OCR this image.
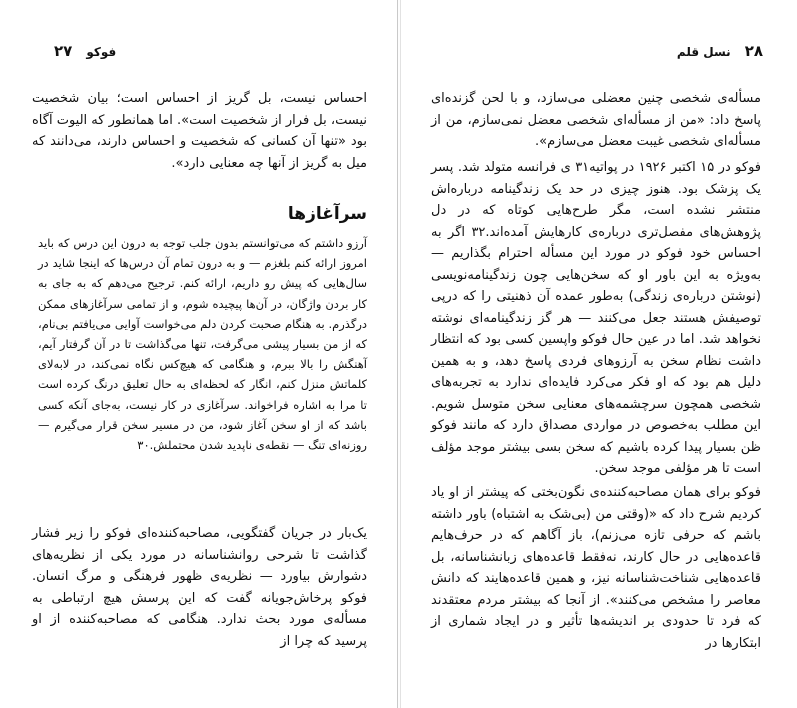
فوکو
۲۷
احساس نیست، بل گریز از احساس است؛ بیان شخصیت نیست، بل فرار از شخصیت است». اما همانطور که الیوت آگاه بود «تنها آن کسانی که شخصیت و احساس دارند، می‌دانند که میل به گریز از آنها چه معنایی دارد».
سرآغازها
آرزو داشتم که می‌توانستم بدون جلب توجه به درون این درس که باید امروز ارائه کنم بلغزم — و به درون تمام آن درس‌ها که اینجا شاید در سال‌هایی که پیش رو داریم، ارائه کنم. ترجیح می‌دهم که به جای به کار بردن واژگان، در آن‌ها پیچیده شوم، و از تمامی سرآغازهای ممکن درگذرم. به هنگام صحبت کردن دلم می‌خواست آوایی می‌یافتم بی‌نام، که از من بسیار پیشی می‌گرفت، تنها می‌گذاشت تا در آن گرفتار آیم، آهنگش را بالا ببرم، و هنگامی که هیچ‌کس نگاه نمی‌کند، در لابه‌لای کلماتش منزل کنم، انگار که لحظه‌ای به حال تعلیق درنگ کرده است تا مرا به اشاره فراخواند. سرآغازی در کار نیست، به‌جای آنکه کسی باشد که از او سخن آغاز شود، من در مسیر سخن قرار می‌گیرم — روزنه‌ای تنگ — نقطه‌ی ناپدید شدن محتملش.۳۰
یک‌بار در جریان گفتگویی، مصاحبه‌کننده‌ای فوکو را زیر فشار گذاشت تا شرحی روانشناسانه در مورد یکی از نظریه‌های دشوارش بیاورد — نظریه‌ی ظهور فرهنگی و مرگ انسان. فوکو پرخاش‌جویانه گفت که این پرسش هیچ ارتباطی به مسأله‌ی مورد بحث ندارد. هنگامی که مصاحبه‌کننده از او پرسید که چرا از
۲۸
نسل قلم
مسأله‌ی شخصی چنین معضلی می‌سازد، و با لحن گزنده‌ای پاسخ داد: «من از مسأله‌ای شخصی معضل نمی‌سازم، من از مسأله‌ای شخصی غیبت معضل می‌سازم».
فوکو در ۱۵ اکتبر ۱۹۲۶ در پواتیه۳۱ ی فرانسه متولد شد. پسر یک پزشک بود. هنوز چیزی در حد یک زندگینامه درباره‌اش منتشر نشده است، مگر طرح‌هایی کوتاه که در دل پژوهش‌های مفصل‌تری درباره‌ی کارهایش آمده‌اند.۳۲ اگر به احساس خود فوکو در مورد این مسأله احترام بگذاریم — به‌ویژه به این باور او که سخن‌هایی چون زندگینامه‌نویسی (نوشتن درباره‌ی زندگی) به‌طور عمده آن ذهنیتی را که درپی توصیفش هستند جعل می‌کنند — هر گز زندگینامه‌ای نوشته نخواهد شد. اما در عین حال فوکو واپسین کسی بود که انتظار داشت نظام سخن به آرزوهای فردی پاسخ دهد، و به همین دلیل هم بود که او فکر می‌کرد فایده‌ای ندارد به تجربه‌های شخصی همچون سرچشمه‌های معنایی سخن متوسل شویم. این مطلب به‌خصوص در مواردی مصداق دارد که مانند فوکو ظن بسیار پیدا کرده باشیم که سخن بسی بیشتر موجد مؤلف است تا هر مؤلفی موجد سخن.
فوکو برای همان مصاحبه‌کننده‌ی نگون‌بختی که پیشتر از او یاد کردیم شرح داد که «(وقتی من (بی‌شک به اشتباه) باور داشته باشم که حرفی تازه می‌زنم)، باز آگاهم که در حرف‌هایم قاعده‌هایی در حال کارند، نه‌فقط قاعده‌های زبانشناسانه، بل قاعده‌هایی شناخت‌شناسانه نیز، و همین قاعده‌هایند که دانش معاصر را مشخص می‌کنند». از آنجا که بیشتر مردم معتقدند که فرد تا حدودی بر اندیشه‌ها تأثیر و در ایجاد شماری از ابتکارها در
